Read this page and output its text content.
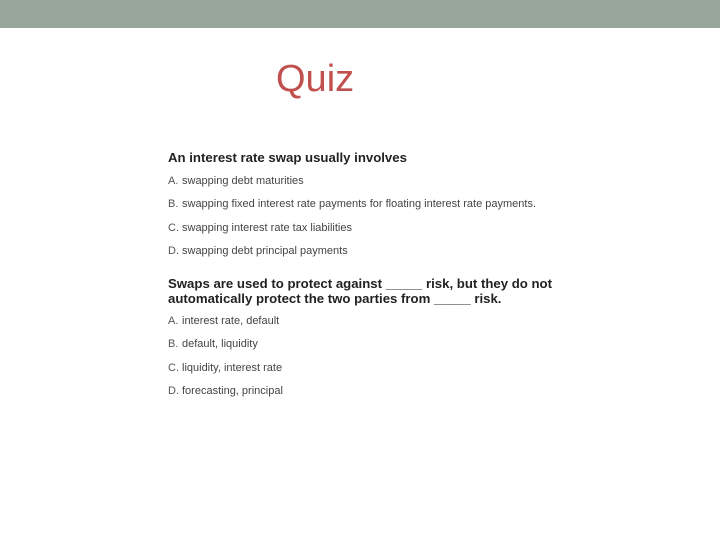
Quiz

An interest rate swap usually involves

A. swapping debt maturities
B. swapping fixed interest rate payments for floating interest rate payments.
C. swapping interest rate tax liabilities
D. swapping debt principal payments

Swaps are used to protect against _____ risk, but they do not automatically protect the two parties from _____ risk.

A. interest rate, default
B. default, liquidity
C. liquidity, interest rate
D. forecasting, principal
